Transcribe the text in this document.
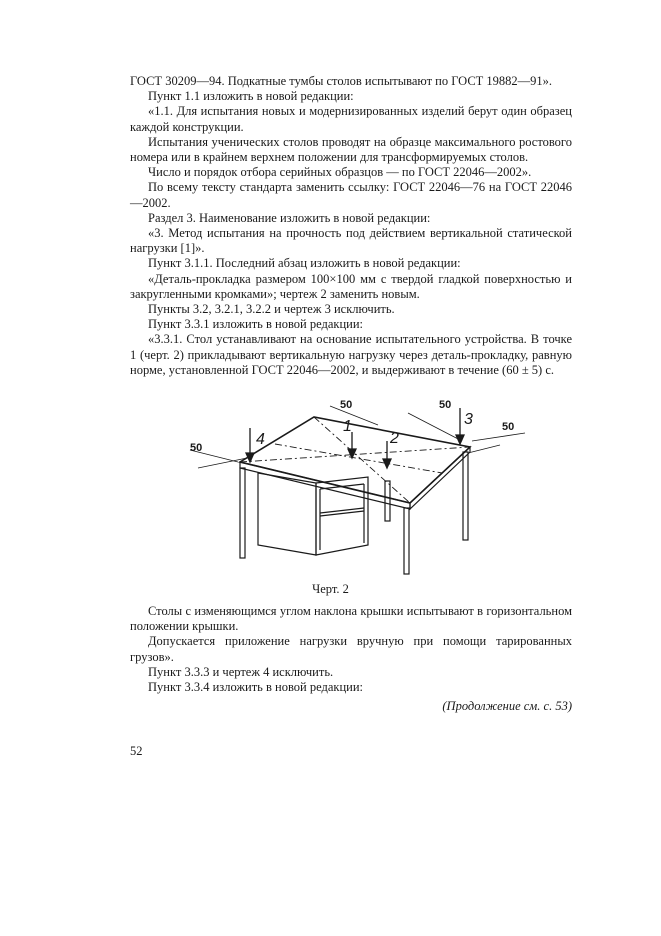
ГОСТ 30209—94. Подкатные тумбы столов испытывают по ГОСТ 19882—91».

Пункт 1.1 изложить в новой редакции:

«1.1. Для испытания новых и модернизированных изделий берут один образец каждой конструкции.

Испытания ученических столов проводят на образце максимального ростового номера или в крайнем верхнем положении для трансформируемых столов.

Число и порядок отбора серийных образцов — по ГОСТ 22046—2002».

По всему тексту стандарта заменить ссылку: ГОСТ 22046—76 на ГОСТ 22046—2002.

Раздел 3. Наименование изложить в новой редакции:

«3. Метод испытания на прочность под действием вертикальной статической нагрузки [1]».

Пункт 3.1.1. Последний абзац изложить в новой редакции:

«Деталь-прокладка размером 100×100 мм с твердой гладкой поверхностью и закругленными кромками»; чертеж 2 заменить новым.

Пункты 3.2, 3.2.1, 3.2.2 и чертеж 3 исключить.

Пункт 3.3.1 изложить в новой редакции:

«3.3.1. Стол устанавливают на основание испытательного устройства. В точке 1 (черт. 2) прикладывают вертикальную нагрузку через деталь-прокладку, равную норме, установленной ГОСТ 22046—2002, и выдерживают в течение (60 ± 5) с.

50
50	50
50
1
2
3
4
Черт. 2

Столы с изменяющимся углом наклона крышки испытывают в горизонтальном положении крышки.

Допускается приложение нагрузки вручную при помощи тарированных грузов».

Пункт 3.3.3 и чертеж 4 исключить.

Пункт 3.3.4 изложить в новой редакции:

(Продолжение см. с. 53)
52
